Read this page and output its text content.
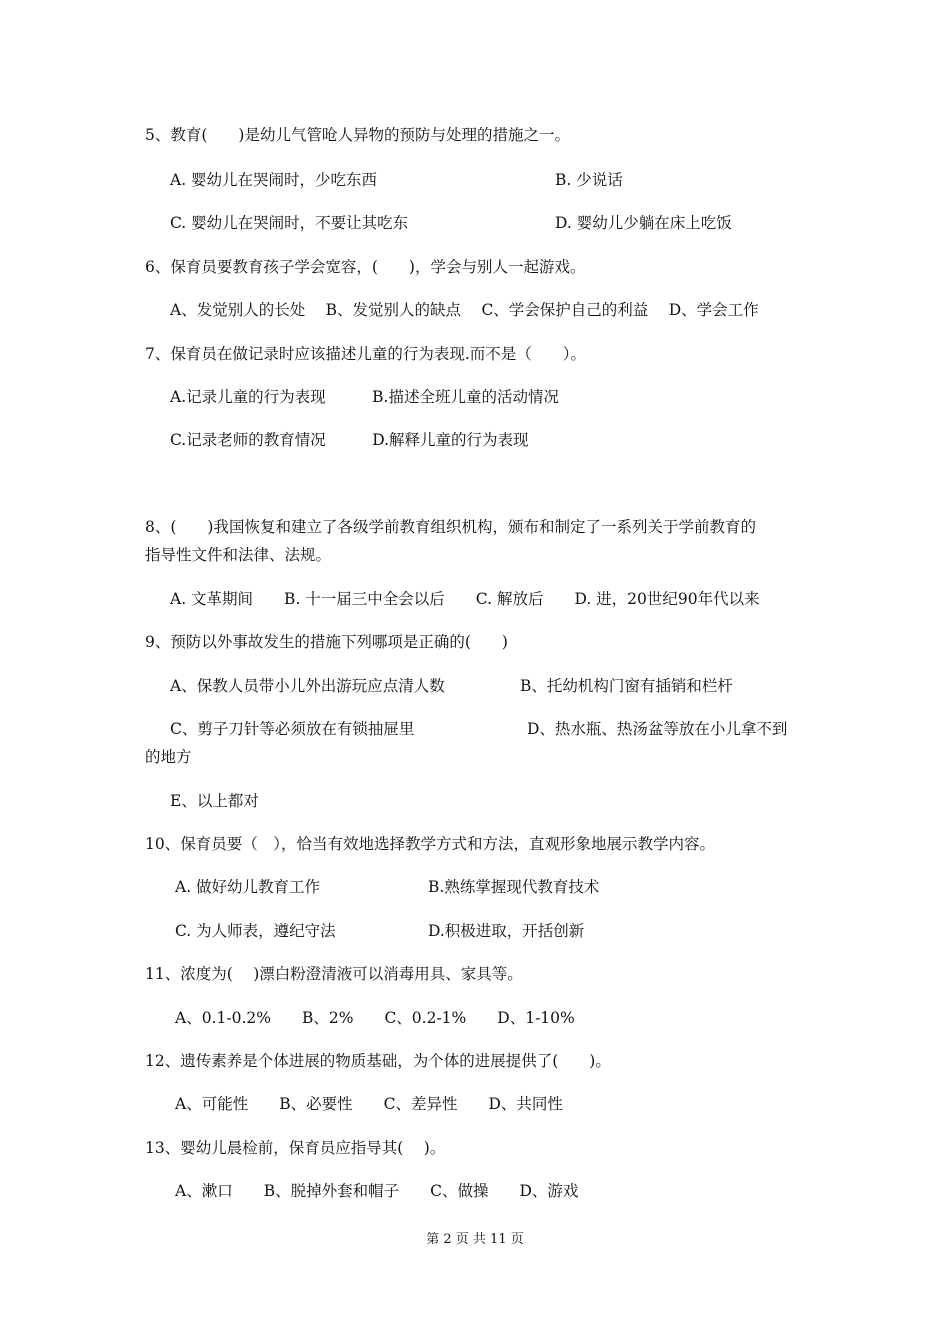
5、教育(　　)是幼儿气管呛人异物的预防与处理的措施之一。
A. 婴幼儿在哭闹时，少吃东西	B. 少说话
C. 婴幼儿在哭闹时，不要让其吃东	D. 婴幼儿少躺在床上吃饭
6、保育员要教育孩子学会宽容，(　　)，学会与别人一起游戏。
A、发觉别人的长处　 B、发觉别人的缺点　 C、学会保护自己的利益　 D、学会工作
7、保育员在做记录时应该描述儿童的行为表现.而不是（　　）。
A.记录儿童的行为表现　　　B.描述全班儿童的活动情况
C.记录老师的教育情况　　　D.解释儿童的行为表现
8、(　　)我国恢复和建立了各级学前教育组织机构，颁布和制定了一系列关于学前教育的
指导性文件和法律、法规。
A. 文革期间　　B. 十一届三中全会以后　　C. 解放后　　D. 进，20世纪90年代以来
9、预防以外事故发生的措施下列哪项是正确的(　　)
A、保教人员带小儿外出游玩应点清人数	B、托幼机构门窗有插销和栏杆
C、剪子刀针等必须放在有锁抽屉里	D、热水瓶、热汤盆等放在小儿拿不到
的地方
E、以上都对
10、保育员要（　），恰当有效地选择教学方式和方法，直观形象地展示教学内容。
A. 做好幼儿教育工作	B.熟练掌握现代教育技术
C. 为人师表，遵纪守法	D.积极进取，开括创新
11、浓度为(　 )漂白粉澄清液可以消毒用具、家具等。
A、0.1-0.2%　　B、2%　　C、0.2-1%　　D、1-10%
12、遗传素养是个体进展的物质基础，为个体的进展提供了(　　)。
A、可能性　　B、必要性　　C、差异性　　D、共同性
13、婴幼儿晨检前，保育员应指导其(　 )。
A、漱口　　B、脱掉外套和帽子　　C、做操　　D、游戏
第 2 页 共 11 页
